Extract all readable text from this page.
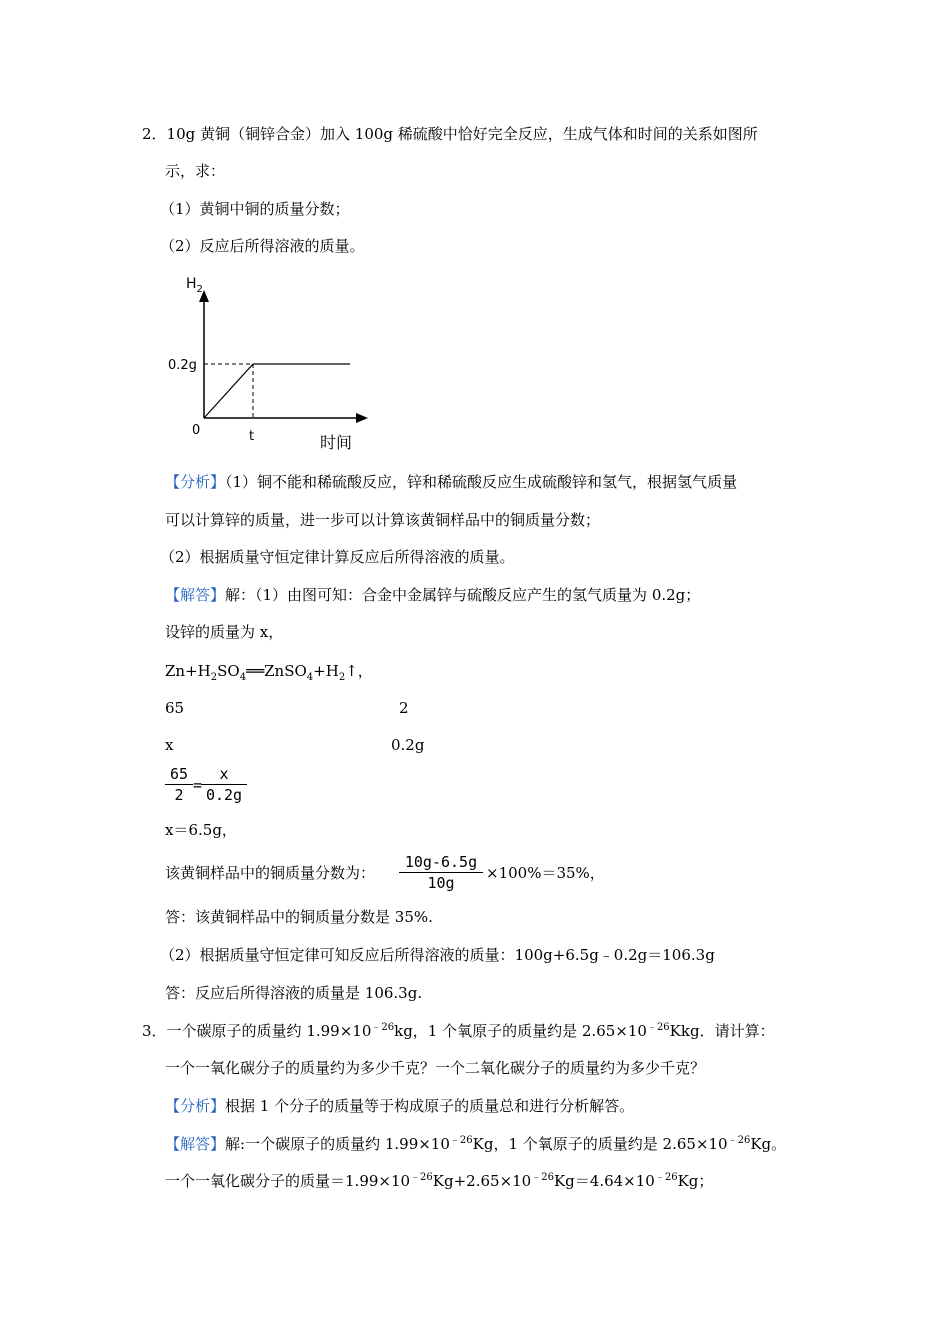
2．10g 黄铜（铜锌合金）加入 100g 稀硫酸中恰好完全反应，生成气体和时间的关系如图所
示，求：
（1）黄铜中铜的质量分数；
（2）反应后所得溶液的质量。
$H_2$
0.2g
0	t	时间
【分析】（1）铜不能和稀硫酸反应，锌和稀硫酸反应生成硫酸锌和氢气，根据氢气质量
可以计算锌的质量，进一步可以计算该黄铜样品中的铜质量分数；
（2）根据质量守恒定律计算反应后所得溶液的质量。
【解答】解：（1）由图可知：合金中金属锌与硫酸反应产生的氢气质量为 0.2g；
设锌的质量为 x，
$Zn+H_2SO_4══ZnSO_4+H_2↑$，
65	2
x	0.2g
65
2
=
x
0.2g
x＝6.5g，
该黄铜样品中的铜质量分数为：
10g-6.5g
10g
×100%＝35%，
答：该黄铜样品中的铜质量分数是 35%.
（2）根据质量守恒定律可知反应后所得溶液的质量：100g+6.5g﹣0.2g＝106.3g
答：反应后所得溶液的质量是 106.3g.
3．一个碳原子的质量约 $1.99\times 10^{﹣26}kg$，1 个氧原子的质量约是 $2.65\times 10^{﹣26}Kkg$．请计算：
一个一氧化碳分子的质量约为多少千克？一个二氧化碳分子的质量约为多少千克？
【分析】根据 1 个分子的质量等于构成原子的质量总和进行分析解答。
【解答】解:一个碳原子的质量约 $1.99\times 10^{﹣26}Kg$，1 个氧原子的质量约是 $2.65\times 10^{﹣26}Kg$。
一个一氧化碳分子的质量$=1.99\times 10^{﹣26}Kg+2.65\times 10^{﹣26}Kg=4.64\times 10^{﹣26}Kg$；
